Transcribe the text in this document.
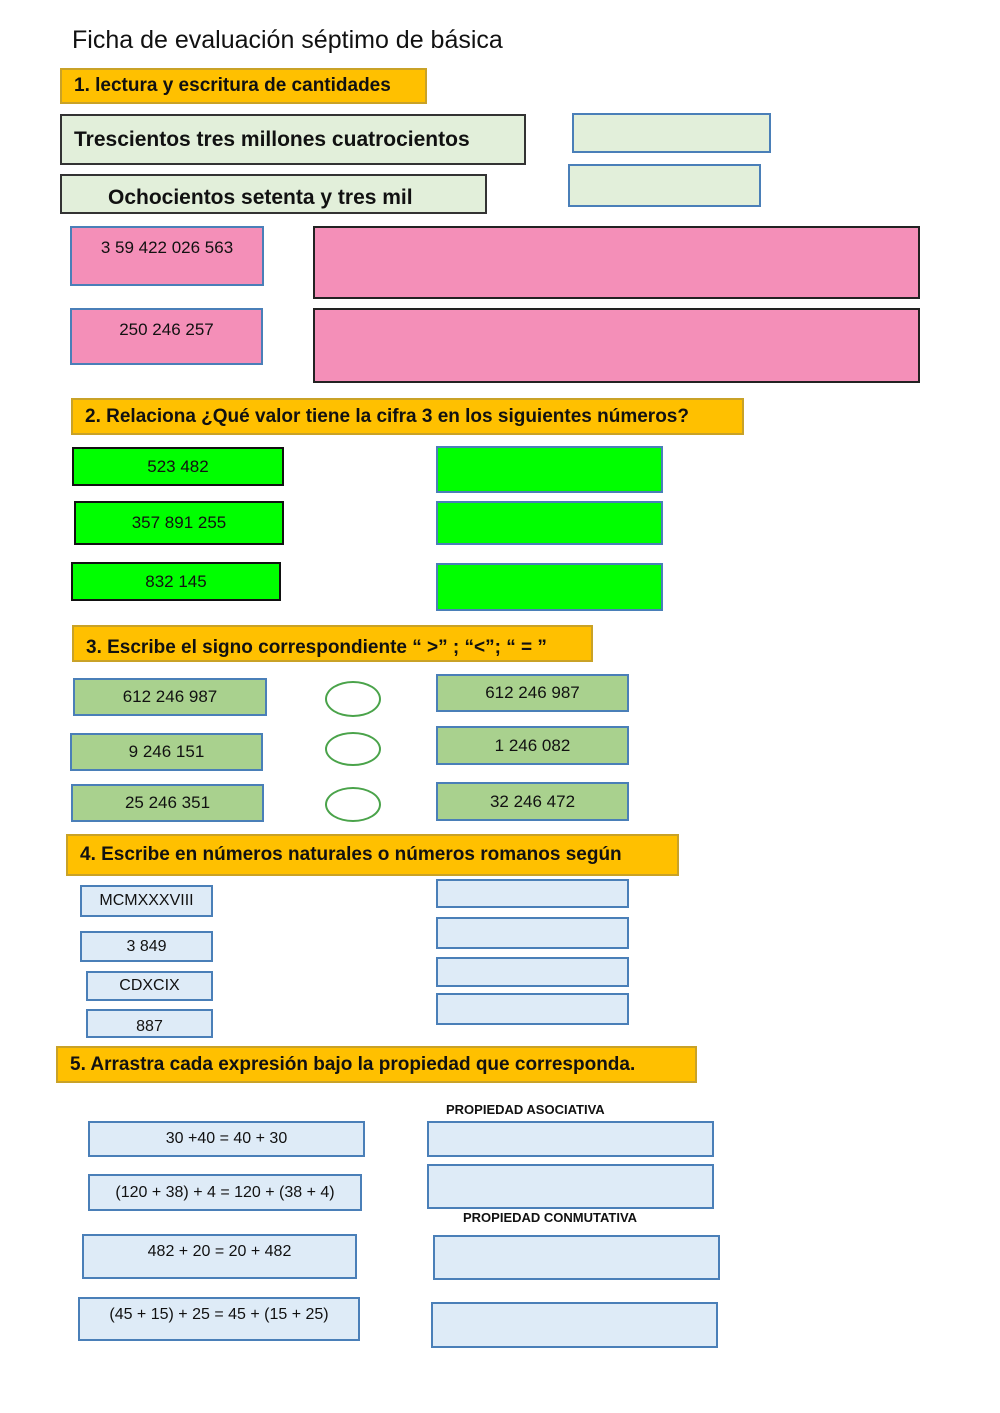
Ficha de evaluación séptimo de básica
1. lectura y escritura de cantidades
Trescientos tres millones cuatrocientos
Ochocientos setenta y tres mil
3 59 422 026 563
250 246 257
2. Relaciona ¿Qué valor tiene la cifra 3 en los siguientes números?
523 482
357 891 255
832 145
3. Escribe el signo correspondiente “ >” ; “<”; “ = ”
612 246 987	612 246 987
9 246 151	1 246 082
25 246 351	32 246 472
4. Escribe en números naturales o números romanos según
MCMXXXVIII
3 849
CDXCIX
887
5. Arrastra cada expresión bajo la propiedad que corresponda.
PROPIEDAD ASOCIATIVA
PROPIEDAD CONMUTATIVA
30 +40 = 40 + 30
(120 + 38) + 4 = 120 + (38 + 4)
482 + 20 = 20 + 482
(45 + 15) + 25 = 45 + (15 + 25)
